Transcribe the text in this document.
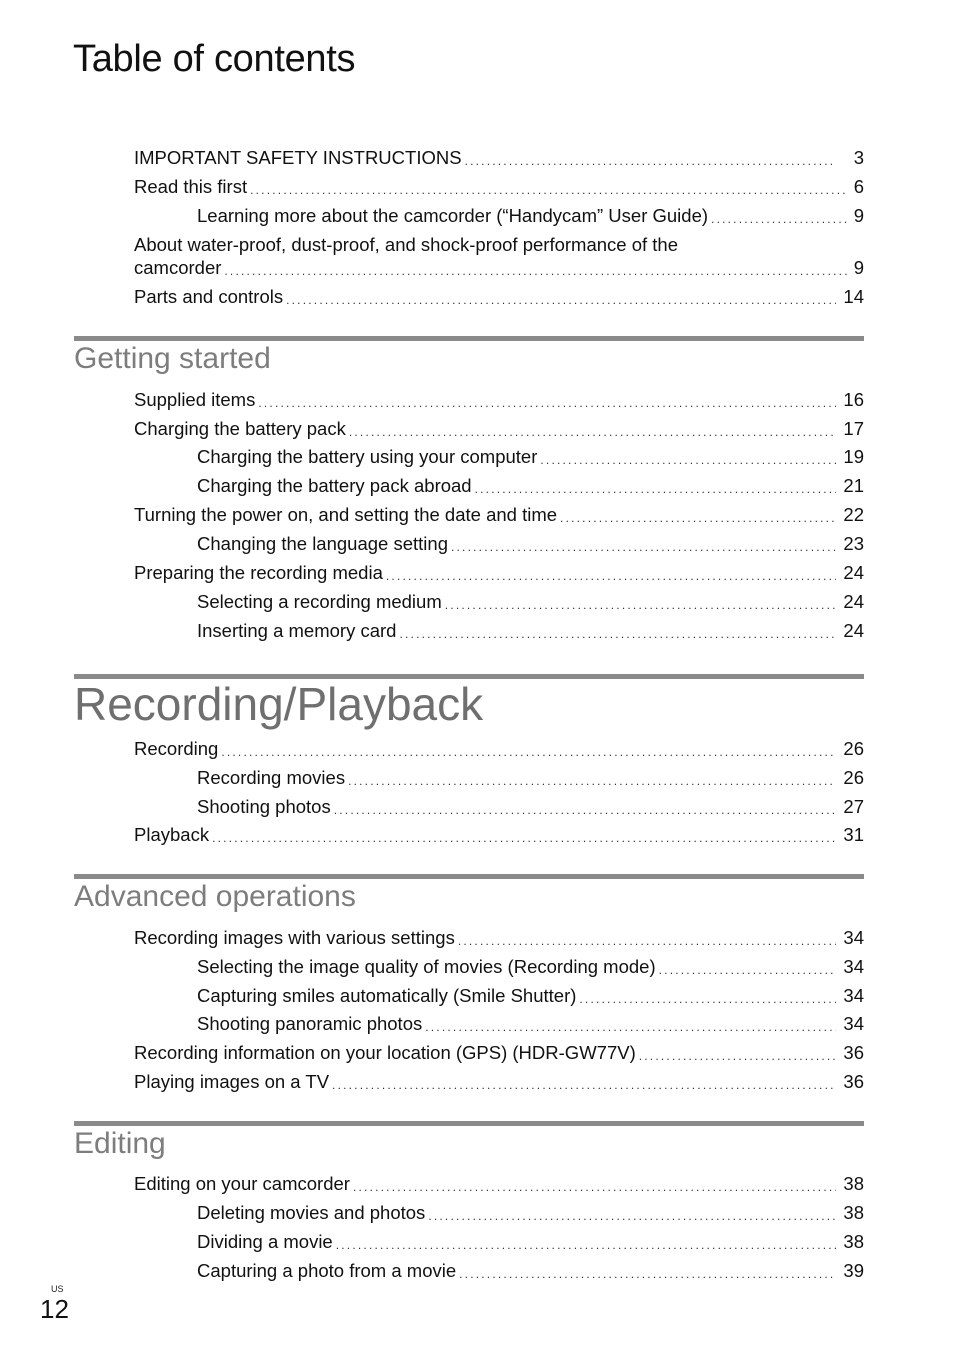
Table of contents
IMPORTANT SAFETY INSTRUCTIONS .....	3
Read this first .....	6
Learning more about the camcorder (“Handycam” User Guide) .....	9
About water-proof, dust-proof, and shock-proof performance of the
camcorder .....	9
Parts and controls .....	14
Getting started
Supplied items .....	16
Charging the battery pack .....	17
Charging the battery using your computer .....	19
Charging the battery pack abroad .....	21
Turning the power on, and setting the date and time .....	22
Changing the language setting .....	23
Preparing the recording media .....	24
Selecting a recording medium .....	24
Inserting a memory card .....	24
Recording/Playback
Recording .....	26
Recording movies .....	26
Shooting photos .....	27
Playback .....	31
Advanced operations
Recording images with various settings .....	34
Selecting the image quality of movies (Recording mode) .....	34
Capturing smiles automatically (Smile Shutter) .....	34
Shooting panoramic photos .....	34
Recording information on your location (GPS) (HDR-GW77V) .....	36
Playing images on a TV .....	36
Editing
Editing on your camcorder .....	38
Deleting movies and photos .....	38
Dividing a movie .....	38
Capturing a photo from a movie .....	39
US
12
